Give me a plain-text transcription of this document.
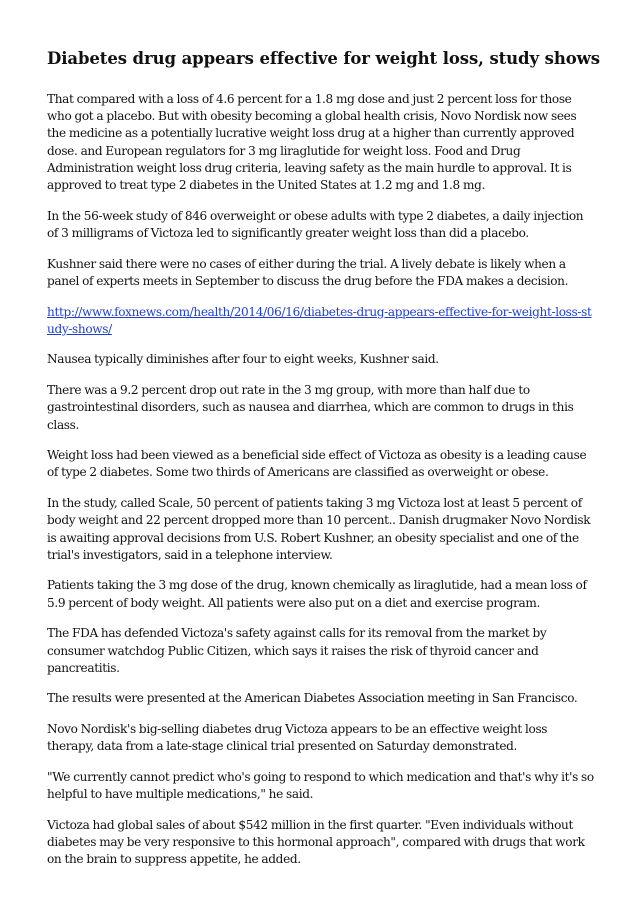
Diabetes drug appears effective for weight loss, study shows

That compared with a loss of 4.6 percent for a 1.8 mg dose and just 2 percent loss for those who got a placebo. But with obesity becoming a global health crisis, Novo Nordisk now sees the medicine as a potentially lucrative weight loss drug at a higher than currently approved dose. and European regulators for 3 mg liraglutide for weight loss. Food and Drug Administration weight loss drug criteria, leaving safety as the main hurdle to approval. It is approved to treat type 2 diabetes in the United States at 1.2 mg and 1.8 mg.

In the 56-week study of 846 overweight or obese adults with type 2 diabetes, a daily injection of 3 milligrams of Victoza led to significantly greater weight loss than did a placebo.

Kushner said there were no cases of either during the trial. A lively debate is likely when a panel of experts meets in September to discuss the drug before the FDA makes a decision.

http://www.foxnews.com/health/2014/06/16/diabetes-drug-appears-effective-for-weight-loss-study-shows/

Nausea typically diminishes after four to eight weeks, Kushner said.

There was a 9.2 percent drop out rate in the 3 mg group, with more than half due to gastrointestinal disorders, such as nausea and diarrhea, which are common to drugs in this class.

Weight loss had been viewed as a beneficial side effect of Victoza as obesity is a leading cause of type 2 diabetes. Some two thirds of Americans are classified as overweight or obese.

In the study, called Scale, 50 percent of patients taking 3 mg Victoza lost at least 5 percent of body weight and 22 percent dropped more than 10 percent.. Danish drugmaker Novo Nordisk is awaiting approval decisions from U.S. Robert Kushner, an obesity specialist and one of the trial's investigators, said in a telephone interview.

Patients taking the 3 mg dose of the drug, known chemically as liraglutide, had a mean loss of 5.9 percent of body weight. All patients were also put on a diet and exercise program.

The FDA has defended Victoza's safety against calls for its removal from the market by consumer watchdog Public Citizen, which says it raises the risk of thyroid cancer and pancreatitis.

The results were presented at the American Diabetes Association meeting in San Francisco.

Novo Nordisk's big-selling diabetes drug Victoza appears to be an effective weight loss therapy, data from a late-stage clinical trial presented on Saturday demonstrated.

"We currently cannot predict who's going to respond to which medication and that's why it's so helpful to have multiple medications," he said.

Victoza had global sales of about $542 million in the first quarter. "Even individuals without diabetes may be very responsive to this hormonal approach", compared with drugs that work on the brain to suppress appetite, he added.
